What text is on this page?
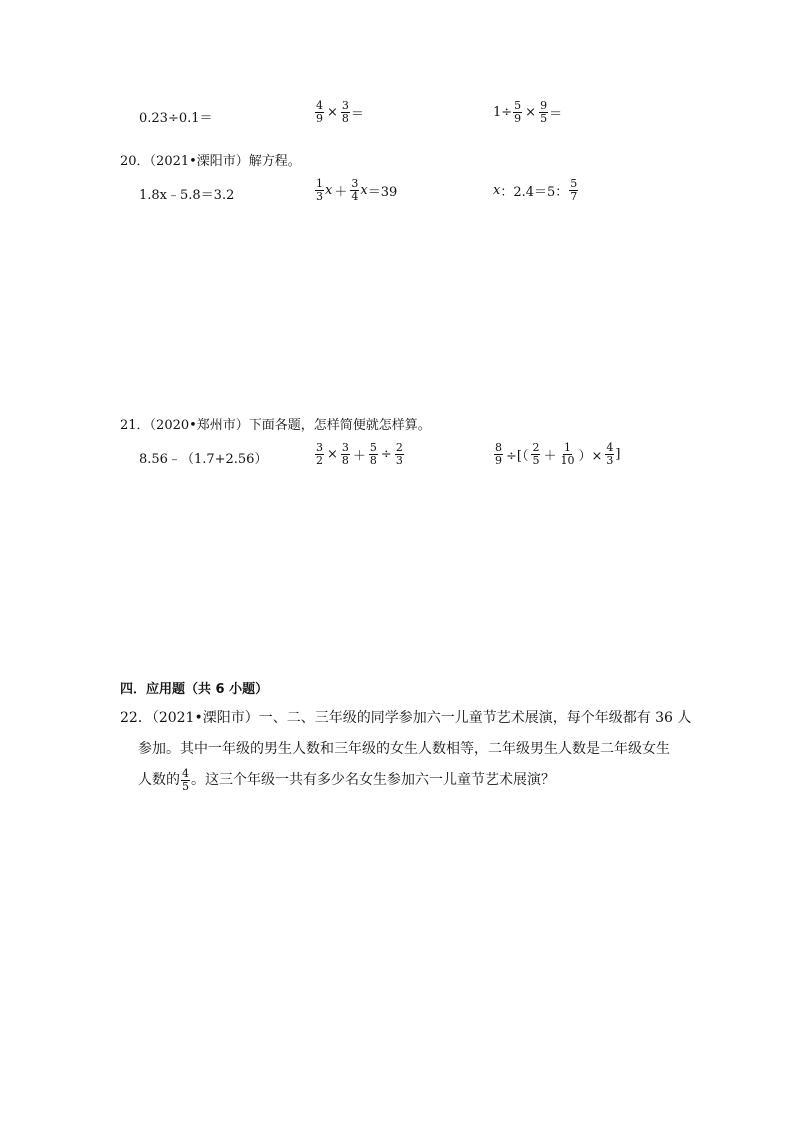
0.23÷0.1＝	$\frac{4}{9} \times \frac{3}{8}$ ＝	$1\div \frac{5}{9} \times \frac{9}{5}$ ＝
20．（2021•溧阳市）解方程。
1.8x﹣5.8＝3.2	$\frac{1}{3}$ $x + \frac{3}{4}$ x ＝39	x ：2.4＝5： $\frac{5}{7}$
21．（2020•郑州市）下面各题，怎样简便就怎样算。
8.56﹣（1.7+2.56）	$\frac{3}{2} \times \frac{3}{8} + \frac{5}{8} \div \frac{2}{3}$	$\frac{8}{9}$ ÷[（ $\frac{2}{5} + \frac{1}{10}$ ）× $\frac{4}{3}$ ]
四．应用题（共 6 小题）
22．（2021•溧阳市）一、二、三年级的同学参加六一儿童节艺术展演，每个年级都有 36 人
参加。其中一年级的男生人数和三年级的女生人数相等，二年级男生人数是二年级女生
人数的 $\frac{4}{5}$ 。这三个年级一共有多少名女生参加六一儿童节艺术展演？
